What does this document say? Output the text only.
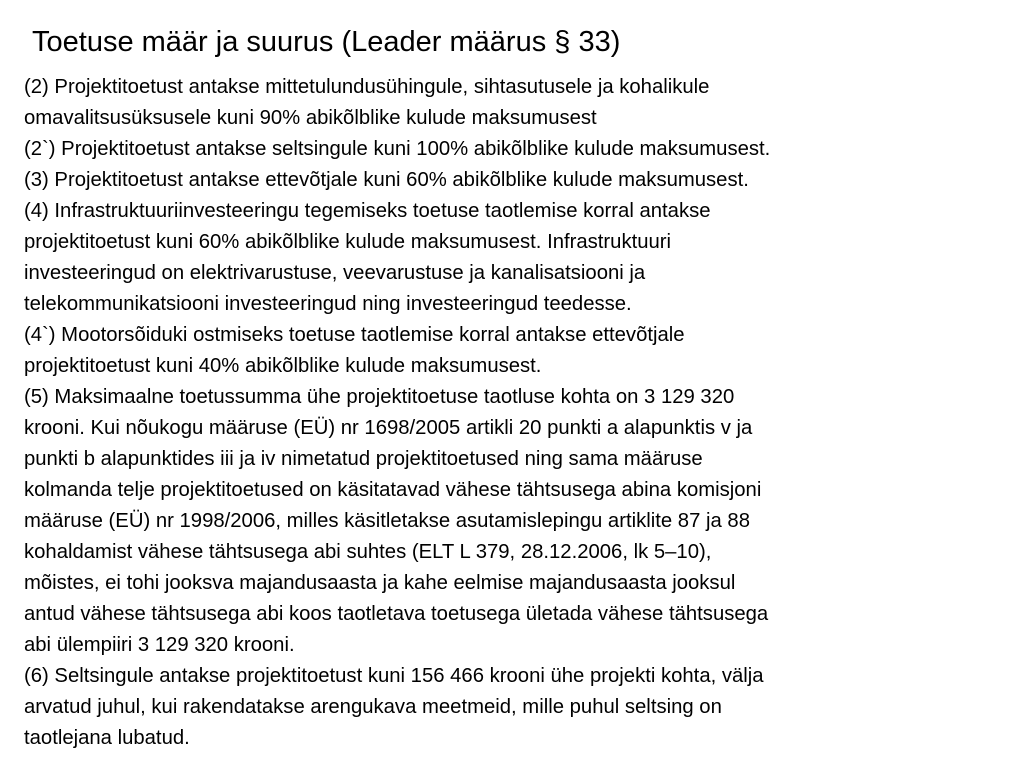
Toetuse määr ja suurus (Leader määrus § 33)
(2) Projektitoetust antakse mittetulundusühingule, sihtasutusele ja kohalikule
omavalitsusüksusele kuni 90% abikõlblike kulude maksumusest
(2`) Projektitoetust antakse seltsingule kuni 100% abikõlblike kulude maksumusest.
(3) Projektitoetust antakse ettevõtjale kuni 60% abikõlblike kulude maksumusest.
(4) Infrastruktuuriinvesteeringu tegemiseks toetuse taotlemise korral antakse
projektitoetust kuni 60% abikõlblike kulude maksumusest. Infrastruktuuri
investeeringud on elektrivarustuse, veevarustuse ja kanalisatsiooni ja
telekommunikatsiooni investeeringud ning investeeringud teedesse.
(4`) Mootorsõiduki ostmiseks toetuse taotlemise korral antakse ettevõtjale
projektitoetust kuni 40% abikõlblike kulude maksumusest.
(5) Maksimaalne toetussumma ühe projektitoetuse taotluse kohta on 3 129 320
krooni. Kui nõukogu määruse (EÜ) nr 1698/2005 artikli 20 punkti a alapunktis v ja
punkti b alapunktides iii ja iv nimetatud projektitoetused ning sama määruse
kolmanda telje projektitoetused on käsitatavad vähese tähtsusega abina komisjoni
määruse (EÜ) nr 1998/2006, milles käsitletakse asutamislepingu artiklite 87 ja 88
kohaldamist vähese tähtsusega abi suhtes (ELT L 379, 28.12.2006, lk 5–10),
mõistes, ei tohi jooksva majandusaasta ja kahe eelmise majandusaasta jooksul
antud vähese tähtsusega abi koos taotletava toetusega ületada vähese tähtsusega
abi ülempiiri 3 129 320 krooni.
(6) Seltsingule antakse projektitoetust kuni 156 466 krooni ühe projekti kohta, välja
arvatud juhul, kui rakendatakse arengukava meetmeid, mille puhul seltsing on
taotlejana lubatud.
